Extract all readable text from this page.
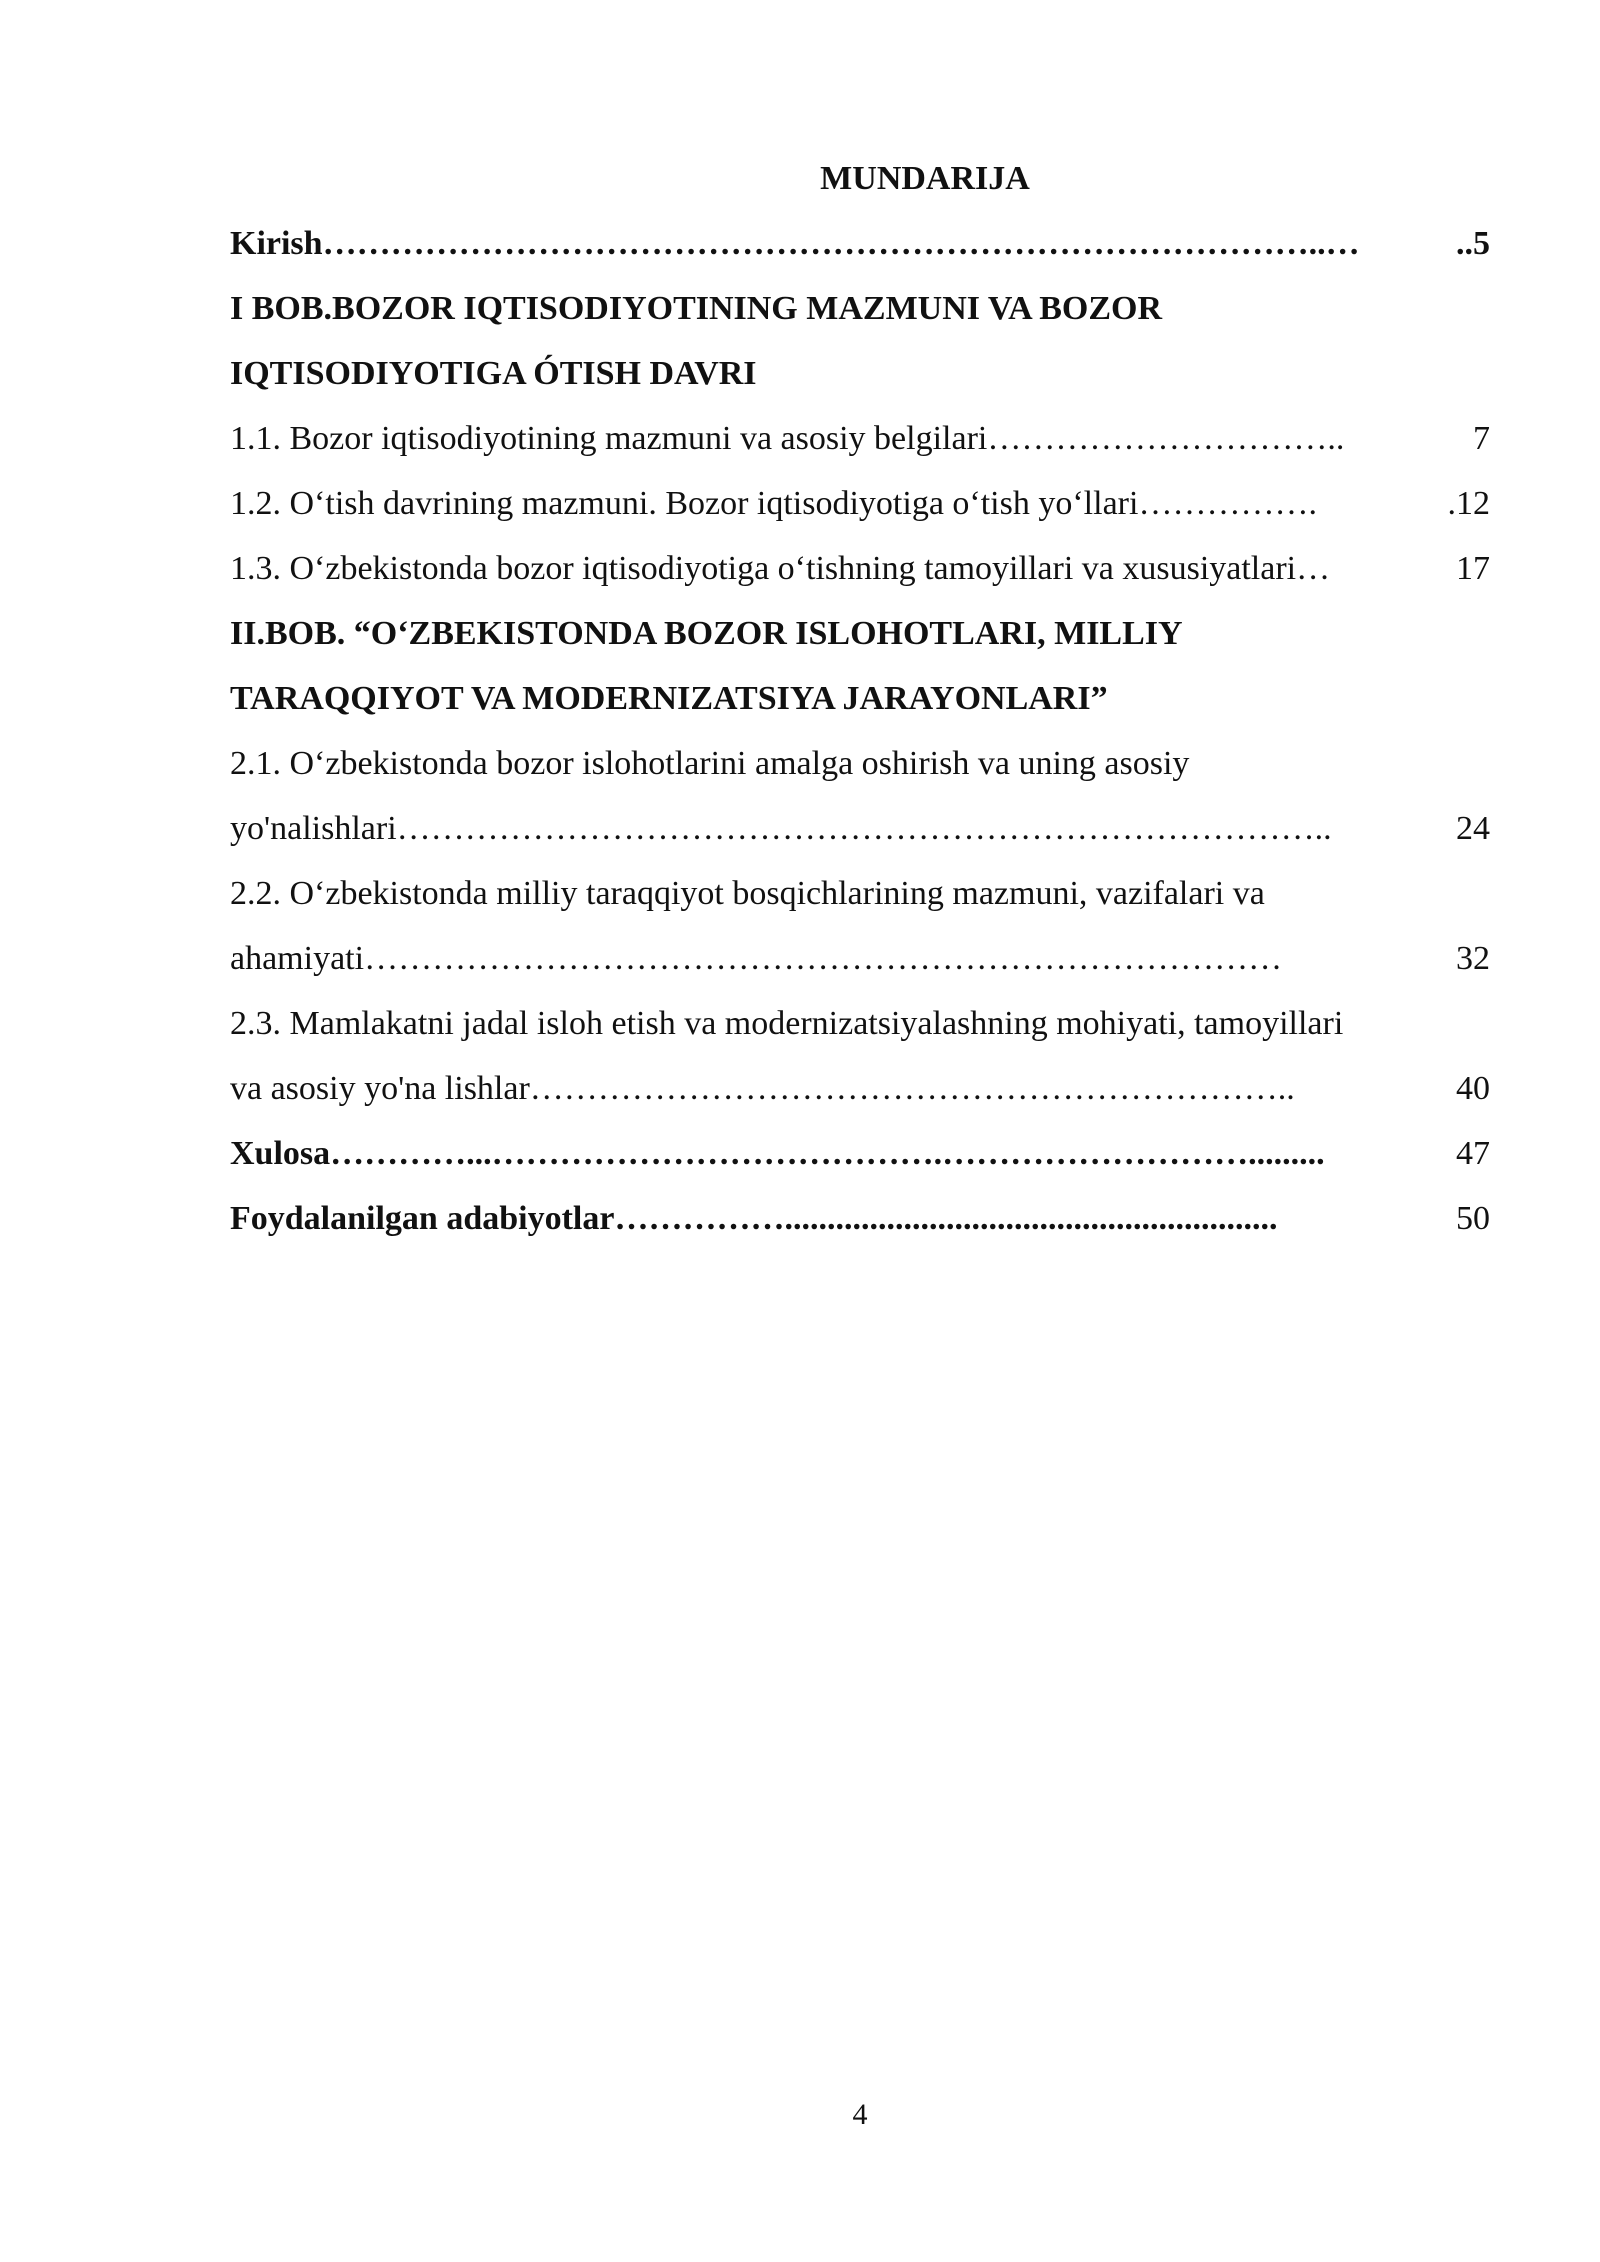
MUNDARIJA
Kirish ……………………………………………………………………………..…	..5
I BOB.BOZOR IQTISODIYOTINING MAZMUNI VA BOZOR
IQTISODIYOTIGA ÓTISH DAVRI
1.1. Bozor iqtisodiyotining mazmuni va asosiy belgilari …………………………..	7
1.2. O‘tish davrining mazmuni. Bozor iqtisodiyotiga o‘tish yo‘llari …………….	.12
1.3. O‘zbekistonda bozor iqtisodiyotiga o‘tishning tamoyillari va xususiyatlari …	17
II.BOB. “O‘ZBEKISTONDA BOZOR ISLOHOTLARI, MILLIY
TARAQQIYOT VA MODERNIZATSIYA JARAYONLARI”
2.1. O‘zbekistonda bozor islohotlarini amalga oshirish va uning asosiy
yo'nalishlari ………………………………………………………………………..	24
2.2. O‘zbekistonda milliy taraqqiyot bosqichlarining mazmuni, vazifalari va
ahamiyati ………………………………………………………………………	32
2.3. Mamlakatni jadal isloh etish va modernizatsiyalashning mohiyati, tamoyillari
va asosiy yo'na lishlar …………………………………………………………..	40
Xulosa …………...………………………………….……………………….........	47
Foydalanilgan adabiyotlar ……………..........................................................	50
4
